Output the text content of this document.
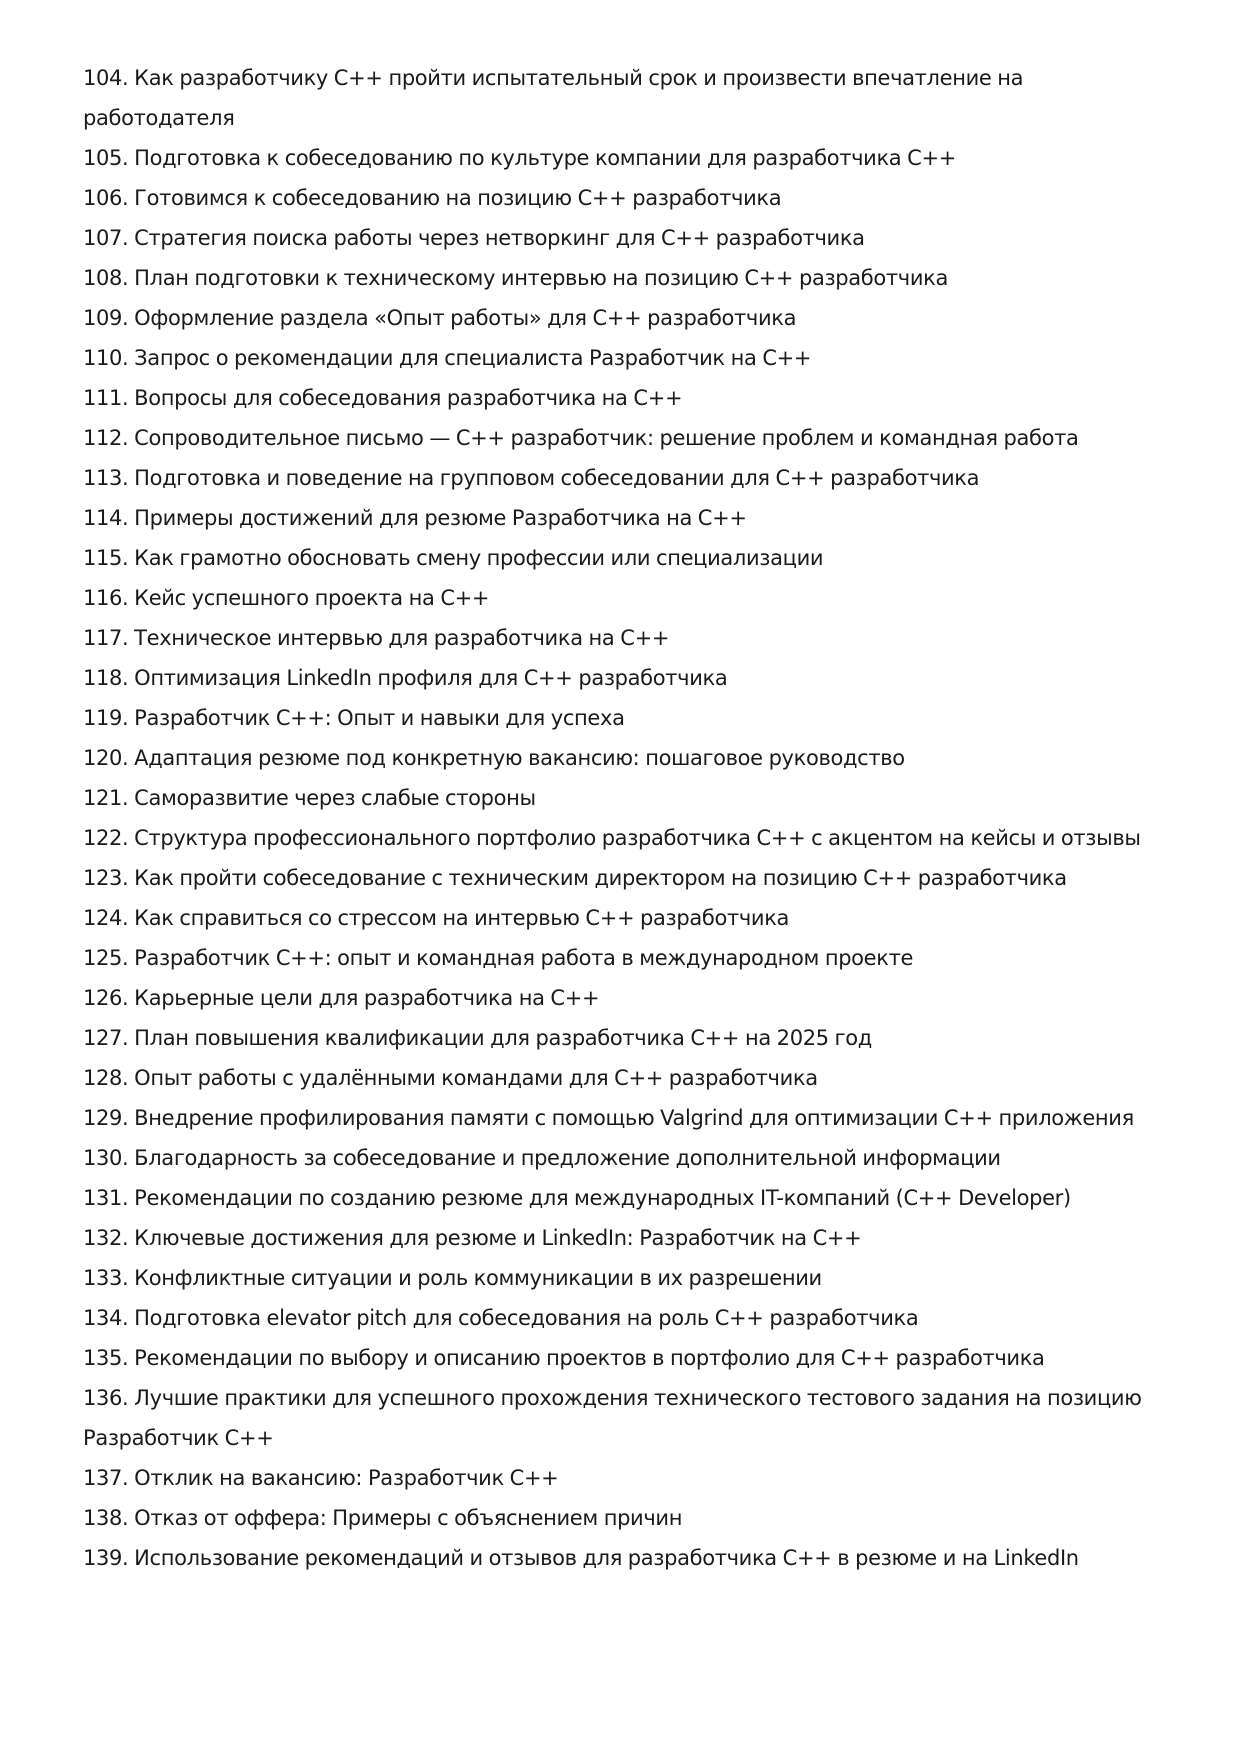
104. Как разработчику С++ пройти испытательный срок и произвести впечатление на работодателя
105. Подготовка к собеседованию по культуре компании для разработчика С++
106. Готовимся к собеседованию на позицию С++ разработчика
107. Стратегия поиска работы через нетворкинг для С++ разработчика
108. План подготовки к техническому интервью на позицию С++ разработчика
109. Оформление раздела «Опыт работы» для С++ разработчика
110. Запрос о рекомендации для специалиста Разработчик на С++
111. Вопросы для собеседования разработчика на С++
112. Сопроводительное письмо — С++ разработчик: решение проблем и командная работа
113. Подготовка и поведение на групповом собеседовании для С++ разработчика
114. Примеры достижений для резюме Разработчика на С++
115. Как грамотно обосновать смену профессии или специализации
116. Кейс успешного проекта на С++
117. Техническое интервью для разработчика на С++
118. Оптимизация LinkedIn профиля для С++ разработчика
119. Разработчик С++: Опыт и навыки для успеха
120. Адаптация резюме под конкретную вакансию: пошаговое руководство
121. Саморазвитие через слабые стороны
122. Структура профессионального портфолио разработчика С++ с акцентом на кейсы и отзывы
123. Как пройти собеседование с техническим директором на позицию С++ разработчика
124. Как справиться со стрессом на интервью С++ разработчика
125. Разработчик С++: опыт и командная работа в международном проекте
126. Карьерные цели для разработчика на С++
127. План повышения квалификации для разработчика С++ на 2025 год
128. Опыт работы с удалёнными командами для С++ разработчика
129. Внедрение профилирования памяти с помощью Valgrind для оптимизации С++ приложения
130. Благодарность за собеседование и предложение дополнительной информации
131. Рекомендации по созданию резюме для международных IT-компаний (С++ Developer)
132. Ключевые достижения для резюме и LinkedIn: Разработчик на С++
133. Конфликтные ситуации и роль коммуникации в их разрешении
134. Подготовка elevator pitch для собеседования на роль С++ разработчика
135. Рекомендации по выбору и описанию проектов в портфолио для С++ разработчика
136. Лучшие практики для успешного прохождения технического тестового задания на позицию Разработчик С++
137. Отклик на вакансию: Разработчик С++
138. Отказ от оффера: Примеры с объяснением причин
139. Использование рекомендаций и отзывов для разработчика С++ в резюме и на LinkedIn
